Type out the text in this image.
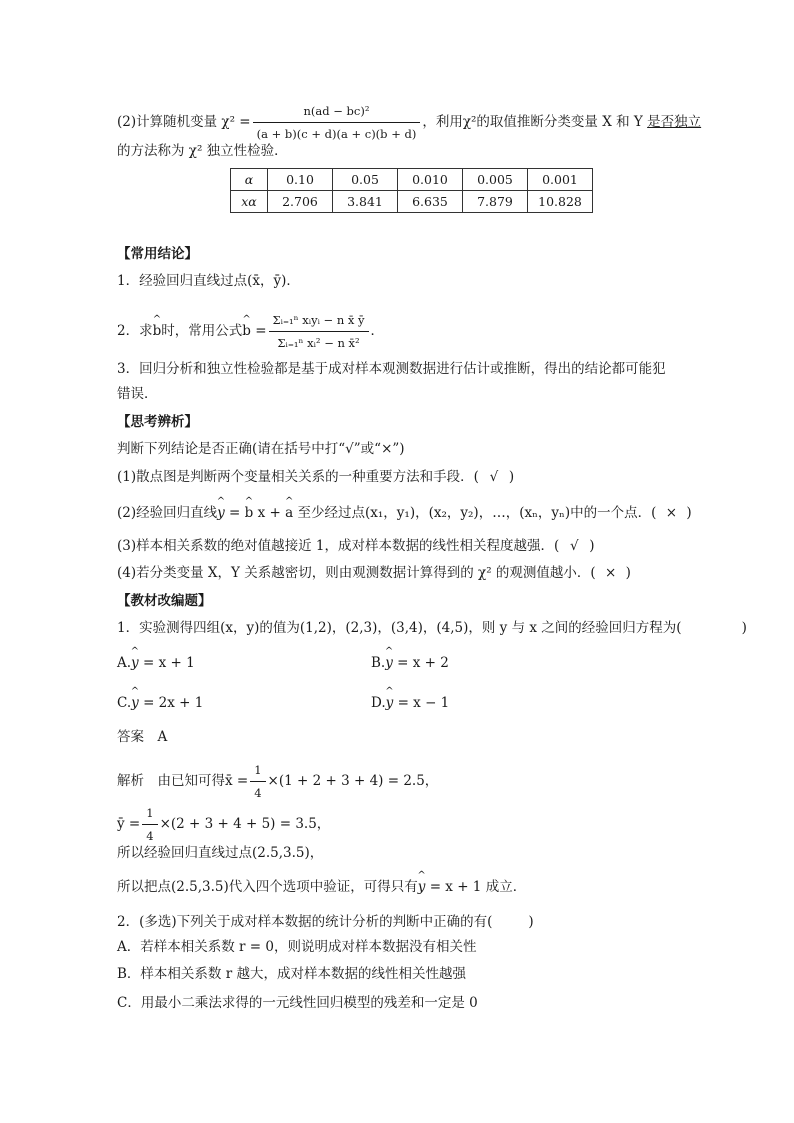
(2)计算随机变量 $\chi^2 = \frac{\text{n(ad − bc)²}}{(a + b)(c + d)(a + c)(b + d)}$ ，利用χ²的取值推断分类变量 X 和 Y 是否独立
的方法称为 χ² 独立性检验．
α	0.10	0.05	0.010	0.005	0.001
xα	2.706	3.841	6.635	7.879	10.828
【常用结论】
1．经验回归直线过点(x̄，ȳ)．
2．求^ b时，常用公式^ $b = \frac{\text{Σᵢ₌₁ⁿ xᵢyᵢ − n x̄ ȳ}}{\text{Σᵢ₌₁ⁿ xᵢ² − n x̄²}}$ ．
3．回归分析和独立性检验都是基于成对样本观测数据进行估计或推断，得出的结论都可能犯
错误．
【思考辨析】
判断下列结论是否正确(请在括号中打“√”或“×”)
(1)散点图是判断两个变量相关关系的一种重要方法和手段．( √ )
(2)经验回归直线^ y = ^ b x + ^ a 至少经过点(x₁，y₁)，(x₂，y₂)，…，(xₙ，yₙ)中的一个点．( × )
(3)样本相关系数的绝对值越接近 1，成对样本数据的线性相关程度越强．( √ )
(4)若分类变量 X，Y 关系越密切，则由观测数据计算得到的 χ² 的观测值越小．( × )
【教材改编题】
1．实验测得四组(x，y)的值为(1,2)，(2,3)，(3,4)，(4,5)，则 y 与 x 之间的经验回归方程为(	)
A.^ y = x + 1	B.^ y = x + 2
C.^ y = 2x + 1	D.^ y = x − 1
答案　A
解析　由已知可得x̄ = $\frac{1}{4} \times(1 + 2 + 3 + 4) = 2.5$，
ȳ = $\frac{1}{4} \times(2 + 3 + 4 + 5) = 3.5$，
所以经验回归直线过点(2.5,3.5)，
所以把点(2.5,3.5)代入四个选项中验证，可得只有^ y = x + 1 成立．
2．(多选)下列关于成对样本数据的统计分析的判断中正确的有(	)
A．若样本相关系数 r = 0，则说明成对样本数据没有相关性
B．样本相关系数 r 越大，成对样本数据的线性相关性越强
C．用最小二乘法求得的一元线性回归模型的残差和一定是 0
